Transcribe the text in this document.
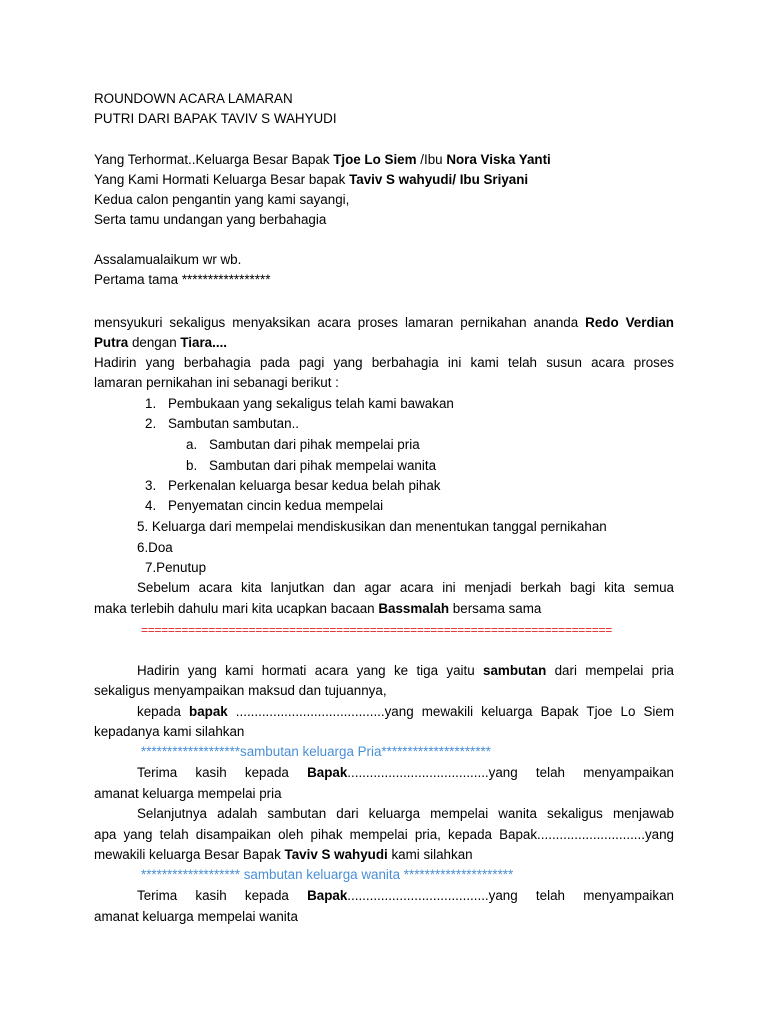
ROUNDOWN ACARA LAMARAN
PUTRI DARI BAPAK TAVIV S WAHYUDI
Yang Terhormat..Keluarga Besar Bapak Tjoe Lo Siem /Ibu Nora Viska Yanti
Yang Kami Hormati Keluarga Besar bapak Taviv S wahyudi/ Ibu Sriyani
Kedua calon pengantin yang kami sayangi,
Serta tamu undangan yang berbahagia
Assalamualaikum wr wb.
Pertama tama *****************
mensyukuri sekaligus menyaksikan acara proses lamaran pernikahan ananda Redo Verdian
Putra dengan Tiara....
Hadirin yang berbahagia pada pagi yang berbahagia ini kami telah susun acara proses
lamaran pernikahan ini sebanagi berikut :
1. Pembukaan yang sekaligus telah kami bawakan
2. Sambutan sambutan..
a. Sambutan dari pihak mempelai pria
b. Sambutan dari pihak mempelai wanita
3. Perkenalan keluarga besar kedua belah pihak
4. Penyematan cincin kedua mempelai
5. Keluarga dari mempelai mendiskusikan dan menentukan tanggal pernikahan
6.Doa
7.Penutup
Sebelum acara kita lanjutkan dan agar acara ini menjadi berkah bagi kita semua
maka terlebih dahulu mari kita ucapkan bacaan Bassmalah bersama sama
======================================================================
Hadirin yang kami hormati acara yang ke tiga yaitu sambutan dari mempelai pria
sekaligus menyampaikan maksud dan tujuannya,
kepada bapak ........................................yang mewakili keluarga Bapak Tjoe Lo Siem
kepadanya kami silahkan
*******************sambutan keluarga Pria*********************
Terima kasih kepada Bapak......................................yang telah menyampaikan
amanat keluarga mempelai pria
Selanjutnya adalah sambutan dari keluarga mempelai wanita sekaligus menjawab
apa yang telah disampaikan oleh pihak mempelai pria, kepada Bapak.............................yang
mewakili keluarga Besar Bapak Taviv S wahyudi kami silahkan
******************* sambutan keluarga wanita *********************
Terima kasih kepada Bapak......................................yang telah menyampaikan
amanat keluarga mempelai wanita
